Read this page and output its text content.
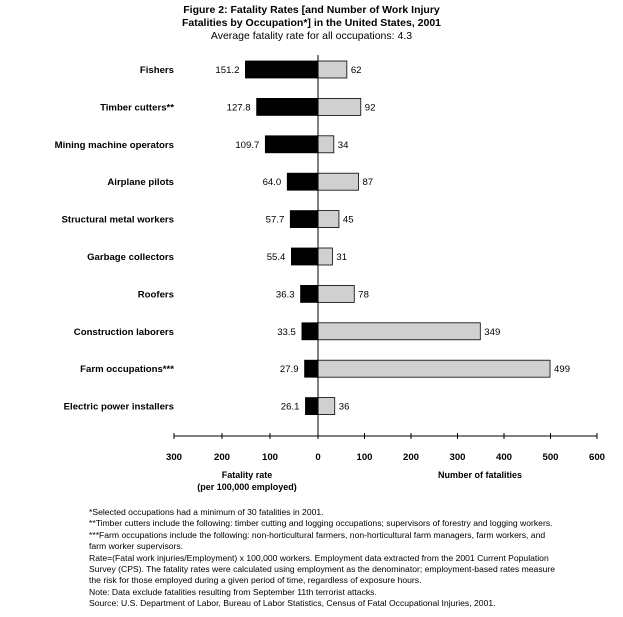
Figure 2: Fatality Rates [and Number of Work Injury
Fatalities by Occupation*] in the United States, 2001
Average fatality rate for all occupations: 4.3
Fishers	151.2	62
Timber cutters**	127.8	92
Mining machine operators	109.7	34
Airplane pilots	64.0	87
Structural metal workers	57.7	45
Garbage collectors	55.4	31
Roofers	36.3	78
Construction laborers	33.5	349
Farm occupations***	27.9	499
Electric power installers	26.1	36
300	200	100	0	100	200	300	400	500	600
Fatality rate
(per 100,000 employed)
Number of fatalities
*Selected occupations had a minimum of 30 fatalities in 2001.
**Timber cutters include the following: timber cutting and logging occupations; supervisors of forestry and logging workers.
***Farm occupations include the following: non-horticultural farmers, non-horticultural farm managers, farm workers, and
farm worker supervisors.
Rate=(Fatal work injuries/Employment) x 100,000 workers. Employment data extracted from the 2001 Current Population
Survey (CPS). The fatality rates were calculated using employment as the denominator; employment-based rates measure
the risk for those employed during a given period of time, regardless of exposure hours.
Note: Data exclude fatalities resulting from September 11th terrorist attacks.
Source: U.S. Department of Labor, Bureau of Labor Statistics, Census of Fatal Occupational Injuries, 2001.
